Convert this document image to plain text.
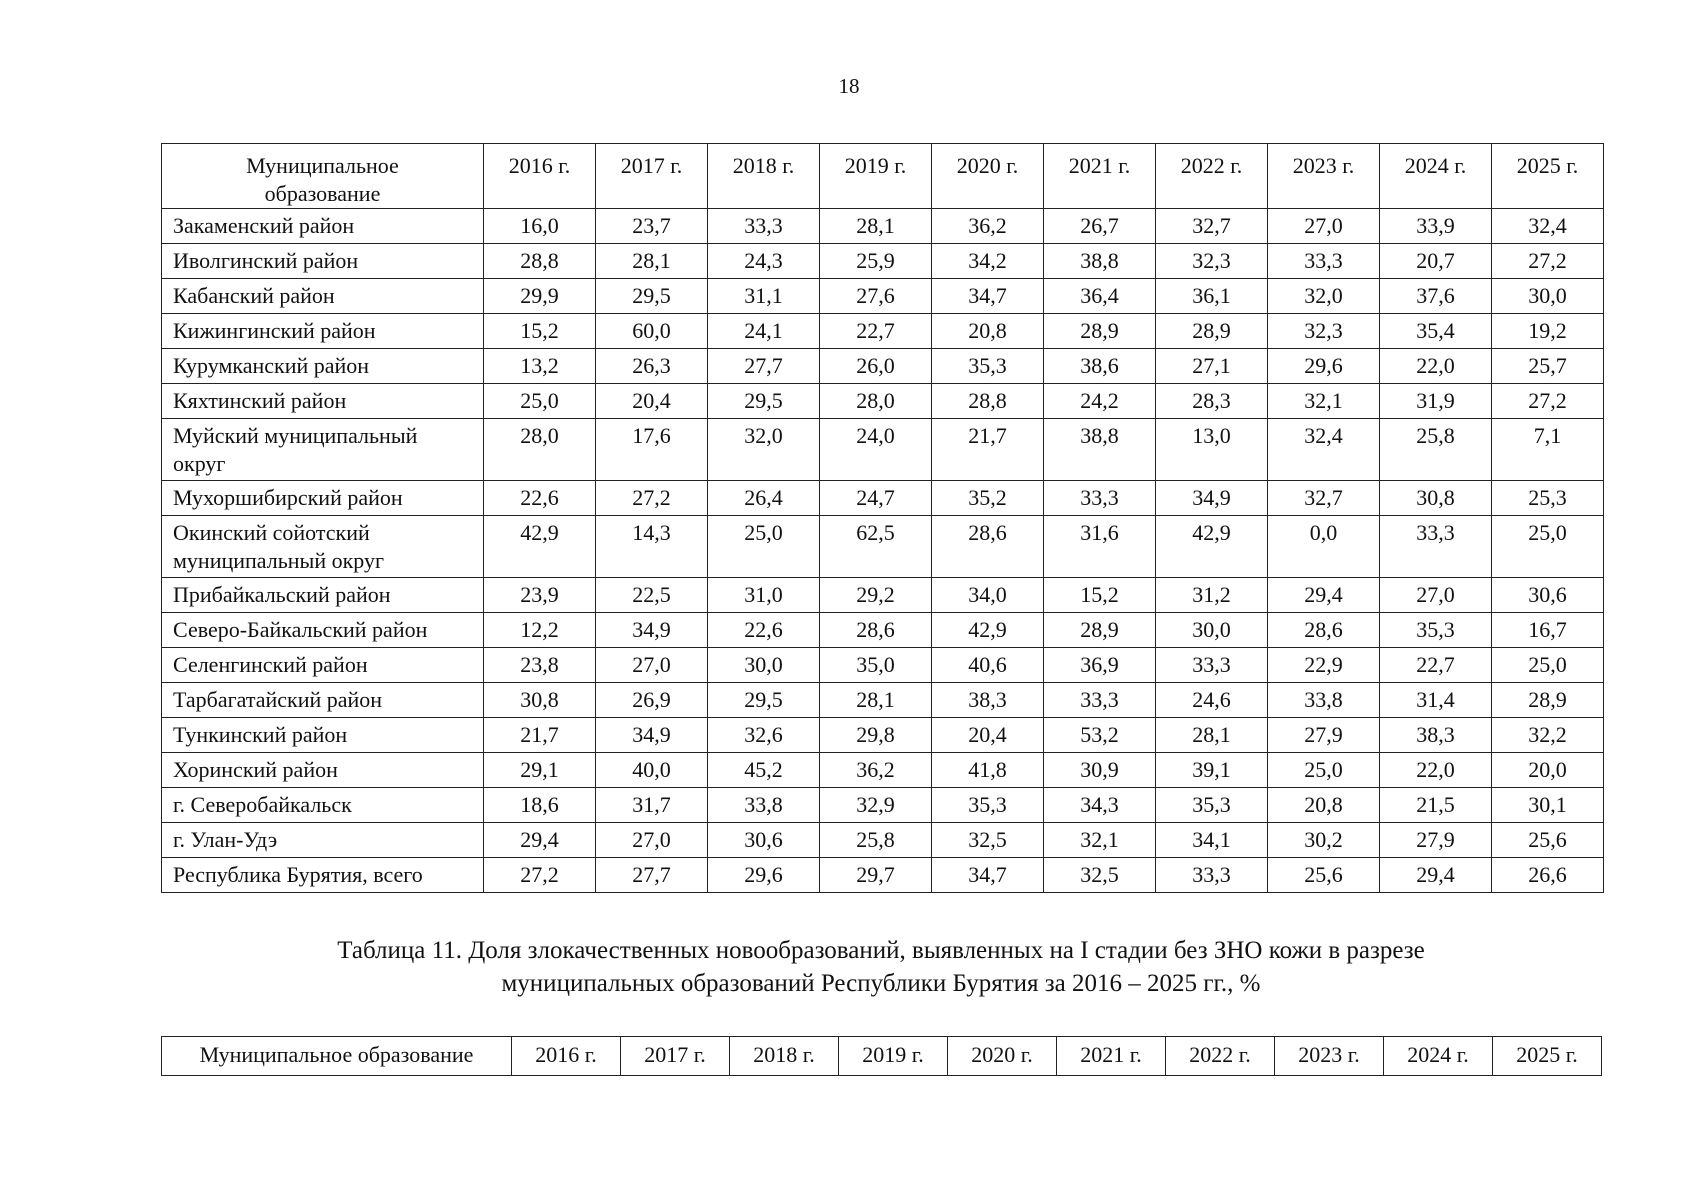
18
Муниципальное
образование	2016 г.	2017 г.	2018 г.	2019 г.	2020 г.	2021 г.	2022 г.	2023 г.	2024 г.	2025 г.
Закаменский район	16,0	23,7	33,3	28,1	36,2	26,7	32,7	27,0	33,9	32,4
Иволгинский район	28,8	28,1	24,3	25,9	34,2	38,8	32,3	33,3	20,7	27,2
Кабанский район	29,9	29,5	31,1	27,6	34,7	36,4	36,1	32,0	37,6	30,0
Кижингинский район	15,2	60,0	24,1	22,7	20,8	28,9	28,9	32,3	35,4	19,2
Курумканский район	13,2	26,3	27,7	26,0	35,3	38,6	27,1	29,6	22,0	25,7
Кяхтинский район	25,0	20,4	29,5	28,0	28,8	24,2	28,3	32,1	31,9	27,2
Муйский муниципальный
округ	28,0	17,6	32,0	24,0	21,7	38,8	13,0	32,4	25,8	7,1
Мухоршибирский район	22,6	27,2	26,4	24,7	35,2	33,3	34,9	32,7	30,8	25,3
Окинский сойотский
муниципальный округ	42,9	14,3	25,0	62,5	28,6	31,6	42,9	0,0	33,3	25,0
Прибайкальский район	23,9	22,5	31,0	29,2	34,0	15,2	31,2	29,4	27,0	30,6
Северо-Байкальский район	12,2	34,9	22,6	28,6	42,9	28,9	30,0	28,6	35,3	16,7
Селенгинский район	23,8	27,0	30,0	35,0	40,6	36,9	33,3	22,9	22,7	25,0
Тарбагатайский район	30,8	26,9	29,5	28,1	38,3	33,3	24,6	33,8	31,4	28,9
Тункинский район	21,7	34,9	32,6	29,8	20,4	53,2	28,1	27,9	38,3	32,2
Хоринский район	29,1	40,0	45,2	36,2	41,8	30,9	39,1	25,0	22,0	20,0
г. Северобайкальск	18,6	31,7	33,8	32,9	35,3	34,3	35,3	20,8	21,5	30,1
г. Улан-Удэ	29,4	27,0	30,6	25,8	32,5	32,1	34,1	30,2	27,9	25,6
Республика Бурятия, всего	27,2	27,7	29,6	29,7	34,7	32,5	33,3	25,6	29,4	26,6
Таблица 11. Доля злокачественных новообразований, выявленных на I стадии без ЗНО кожи в разрезе
муниципальных образований Республики Бурятия за 2016 – 2025 гг., %
Муниципальное образование	2016 г.	2017 г.	2018 г.	2019 г.	2020 г.	2021 г.	2022 г.	2023 г.	2024 г.	2025 г.
